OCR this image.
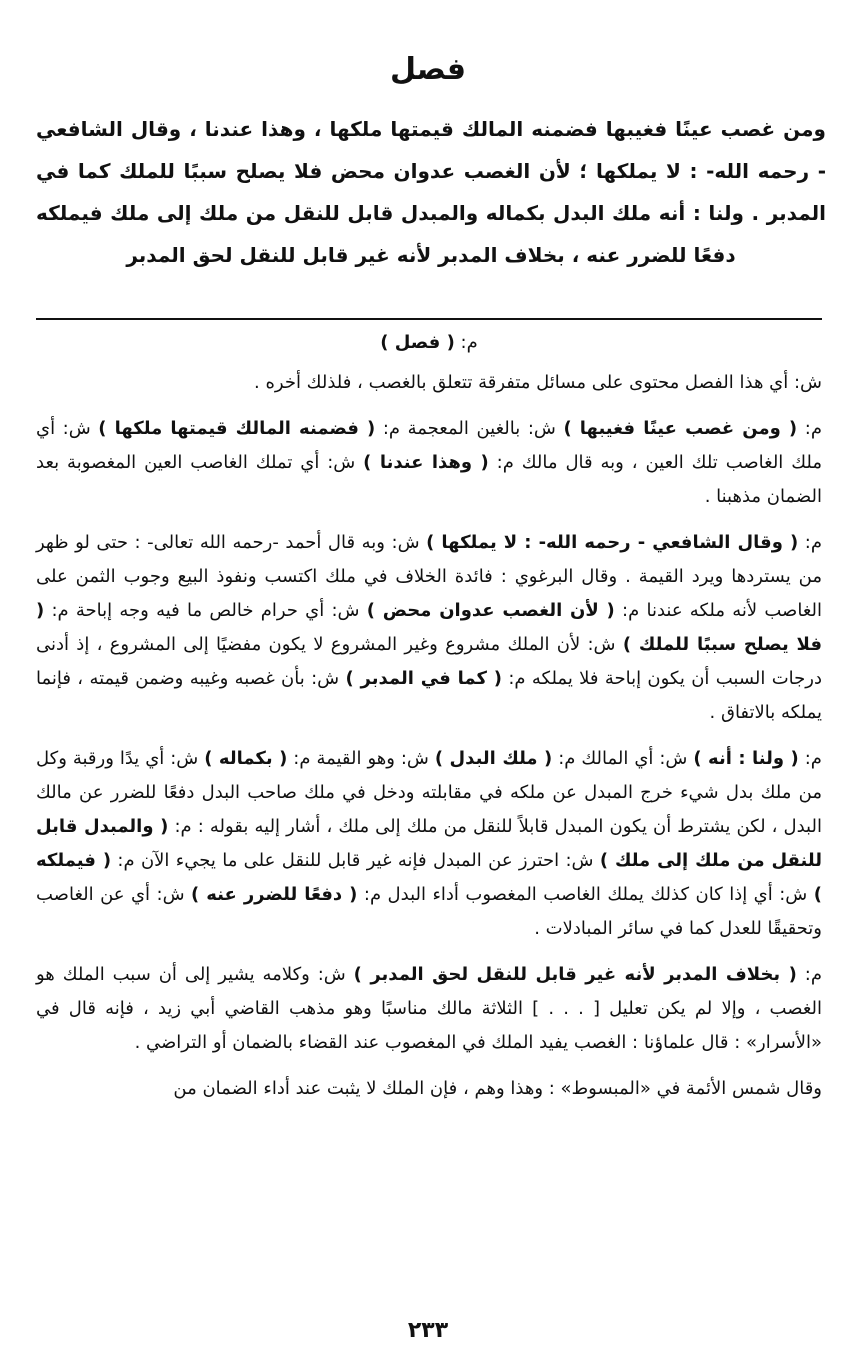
فصل

ومن غصب عينًا فغيبها فضمنه المالك قيمتها ملكها ، وهذا عندنا ، وقال الشافعي - رحمه الله- : لا يملكها ؛ لأن الغصب عدوان محض فلا يصلح سببًا للملك كما في المدبر . ولنا : أنه ملك البدل بكماله والمبدل قابل للنقل من ملك إلى ملك فيملكه دفعًا للضرر عنه ، بخلاف المدبر لأنه غير قابل للنقل لحق المدبر

م: ( فصل )

ش: أي هذا الفصل محتوى على مسائل متفرقة تتعلق بالغصب ، فلذلك أخره .

م: ( ومن غصب عينًا فغيبها ) ش: بالغين المعجمة م: ( فضمنه المالك قيمتها ملكها ) ش: أي ملك الغاصب تلك العين ، وبه قال مالك م: ( وهذا عندنا ) ش: أي تملك الغاصب العين المغصوبة بعد الضمان مذهبنا .

م: ( وقال الشافعي - رحمه الله- : لا يملكها ) ش: وبه قال أحمد -رحمه الله تعالى- : حتى لو ظهر من يستردها ويرد القيمة . وقال البرغوي : فائدة الخلاف في ملك اكتسب ونفوذ البيع وجوب الثمن على الغاصب لأنه ملكه عندنا م: ( لأن الغصب عدوان محض ) ش: أي حرام خالص ما فيه وجه إباحة م: ( فلا يصلح سببًا للملك ) ش: لأن الملك مشروع وغير المشروع لا يكون مفضيًا إلى المشروع ، إذ أدنى درجات السبب أن يكون إباحة فلا يملكه م: ( كما في المدبر ) ش: بأن غصبه وغيبه وضمن قيمته ، فإنما يملكه بالاتفاق .

م: ( ولنا : أنه ) ش: أي المالك م: ( ملك البدل ) ش: وهو القيمة م: ( بكماله ) ش: أي يدًا ورقبة وكل من ملك بدل شيء خرج المبدل عن ملكه في مقابلته ودخل في ملك صاحب البدل دفعًا للضرر عن مالك البدل ، لكن يشترط أن يكون المبدل قابلاً للنقل من ملك إلى ملك ، أشار إليه بقوله : م: ( والمبدل قابل للنقل من ملك إلى ملك ) ش: احترز عن المبدل فإنه غير قابل للنقل على ما يجيء الآن م: ( فيملكه ) ش: أي إذا كان كذلك يملك الغاصب المغصوب أداء البدل م: ( دفعًا للضرر عنه ) ش: أي عن الغاصب وتحقيقًا للعدل كما في سائر المبادلات .

م: ( بخلاف المدبر لأنه غير قابل للنقل لحق المدبر ) ش: وكلامه يشير إلى أن سبب الملك هو الغصب ، وإلا لم يكن تعليل [ . . . ] الثلاثة مالك مناسبًا وهو مذهب القاضي أبي زيد ، فإنه قال في «الأسرار» : قال علماؤنا : الغصب يفيد الملك في المغصوب عند القضاء بالضمان أو التراضي .

وقال شمس الأئمة في «المبسوط» : وهذا وهم ، فإن الملك لا يثبت عند أداء الضمان من

٢٣٣
